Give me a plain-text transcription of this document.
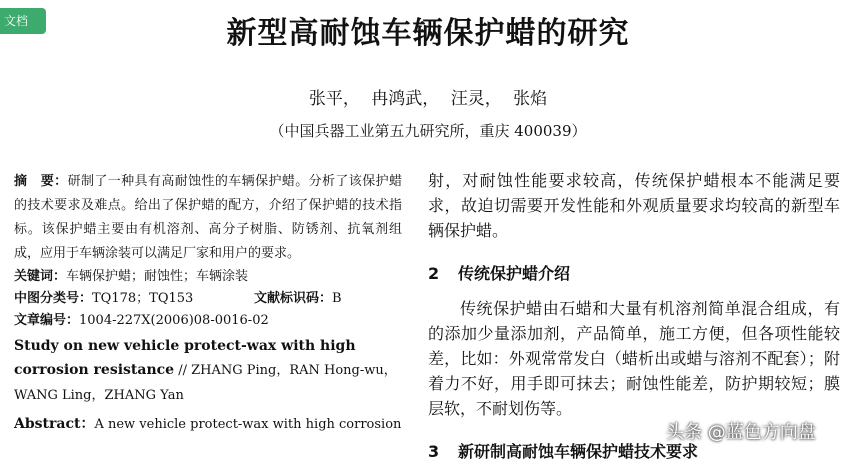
文档	新型高耐蚀车辆保护蜡的研究
张平， 冉鸿武， 汪灵， 张焰
（中国兵器工业第五九研究所，重庆 400039）
摘　要：研制了一种具有高耐蚀性的车辆保护蜡。分析了该保护蜡的技术要求及难点。给出了保护蜡的配方，介绍了保护蜡的技术指标。该保护蜡主要由有机溶剂、高分子树脂、防锈剂、抗氧剂组成，应用于车辆涂装可以满足厂家和用户的要求。
关键词：车辆保护蜡；耐蚀性；车辆涂装
中图分类号：TQ178；TQ153	文献标识码：B
文章编号：1004-227X(2006)08-0016-02
Study on new vehicle protect-wax with high corrosion resistance // ZHANG Ping，RAN Hong-wu，WANG Ling，ZHANG Yan
Abstract：A new vehicle protect-wax with high corrosion
射，对耐蚀性能要求较高，传统保护蜡根本不能满足要求，故迫切需要开发性能和外观质量要求均较高的新型车辆保护蜡。
2 传统保护蜡介绍
传统保护蜡由石蜡和大量有机溶剂简单混合组成，有的添加少量添加剂，产品简单，施工方便，但各项性能较差，比如：外观常常发白（蜡析出或蜡与溶剂不配套）；附着力不好，用手即可抹去；耐蚀性能差，防护期较短；膜层软，不耐划伤等。
3 新研制高耐蚀车辆保护蜡技术要求
头条 @蓝色方向盘
